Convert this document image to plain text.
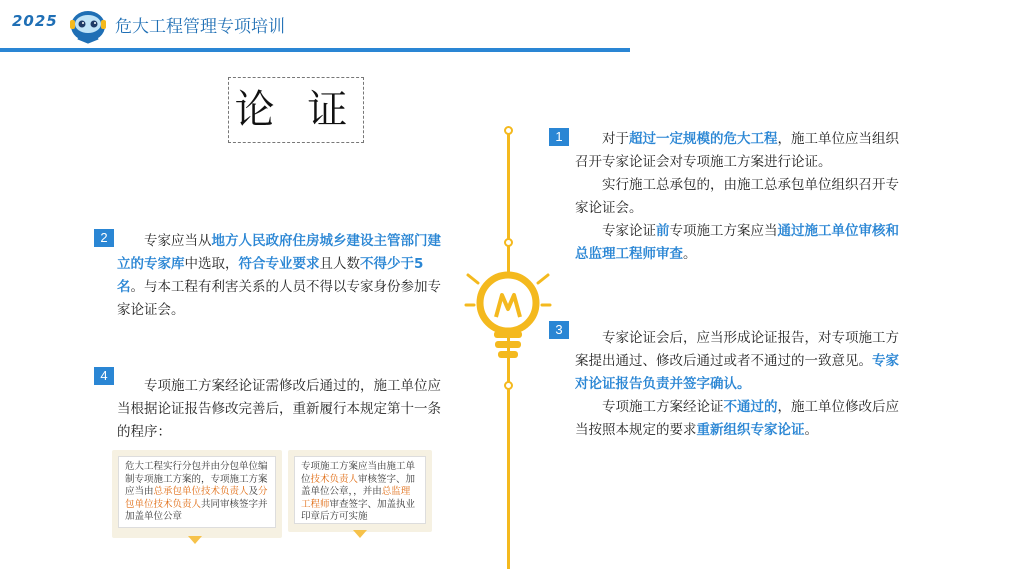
2025	危大工程管理专项培训
论 证
1	对于超过一定规模的危大工程，施工单位应当组织召开专家论证会对专项施工方案进行论证。

实行施工总承包的，由施工总承包单位组织召开专家论证会。

专家论证前专项施工方案应当通过施工单位审核和总监理工程师审查。

2	专家应当从地方人民政府住房城乡建设主管部门建立的专家库中选取，符合专业要求且人数不得少于5名。与本工程有利害关系的人员不得以专家身份参加专家论证会。

3

专家论证会后，应当形成论证报告，对专项施工方案提出通过、修改后通过或者不通过的一致意见。专家对论证报告负责并签字确认。

专项施工方案经论证不通过的，施工单位修改后应当按照本规定的要求重新组织专家论证。

4

专项施工方案经论证需修改后通过的，施工单位应当根据论证报告修改完善后，重新履行本规定第十一条的程序：

危大工程实行分包并由分包单位编制专项施工方案的，专项施工方案应当由总承包单位技术负责人及分包单位技术负责人共同审核签字并加盖单位公章
专项施工方案应当由施工单位技术负责人审核签字、加盖单位公章，，并由总监理工程师审查签字、加盖执业印章后方可实施
